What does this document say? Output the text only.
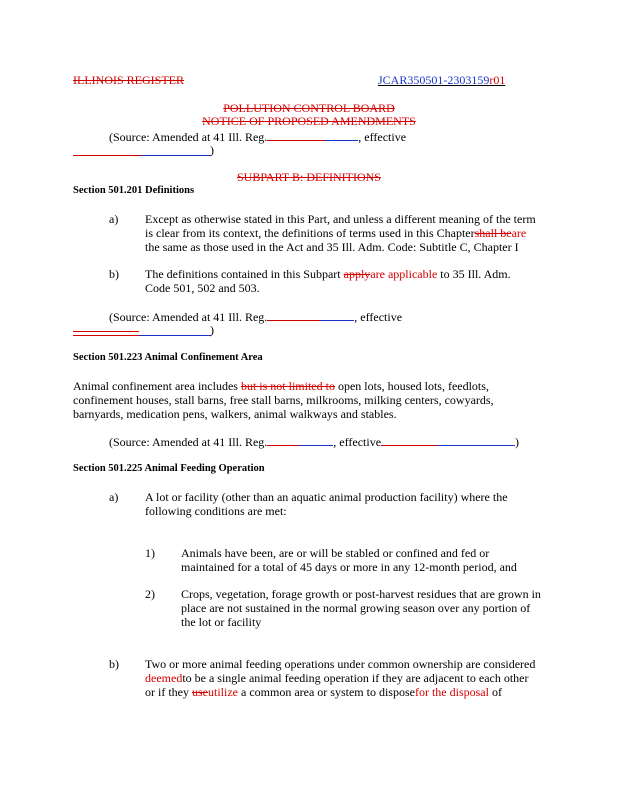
ILLINOIS REGISTER	JCAR350501-2303159r01
POLLUTION CONTROL BOARD
NOTICE OF PROPOSED AMENDMENTS
(Source: Amended at 41 Ill. Reg.	, effective
)
SUBPART B: DEFINITIONS
Section 501.201 Definitions
a) Except as otherwise stated in this Part, and unless a different meaning of the term
is clear from its context, the definitions of terms used in this Chaptershall beare
the same as those used in the Act and 35 Ill. Adm. Code: Subtitle C, Chapter I
b) The definitions contained in this Subpart applyare applicable to 35 Ill. Adm.
Code 501, 502 and 503.
(Source: Amended at 41 Ill. Reg.	, effective
)
Section 501.223 Animal Confinement Area
Animal confinement area includes but is not limited to open lots, housed lots, feedlots,
confinement houses, stall barns, free stall barns, milkrooms, milking centers, cowyards,
barnyards, medication pens, walkers, animal walkways and stables.
(Source: Amended at 41 Ill. Reg.	, effective	)
Section 501.225 Animal Feeding Operation
a) A lot or facility (other than an aquatic animal production facility) where the
following conditions are met:
1) Animals have been, are or will be stabled or confined and fed or
maintained for a total of 45 days or more in any 12-month period, and
2) Crops, vegetation, forage growth or post-harvest residues that are grown in
place are not sustained in the normal growing season over any portion of
the lot or facility
b) Two or more animal feeding operations under common ownership are considered
deemedto be a single animal feeding operation if they are adjacent to each other
or if they useutilize a common area or system to disposefor the disposal of
